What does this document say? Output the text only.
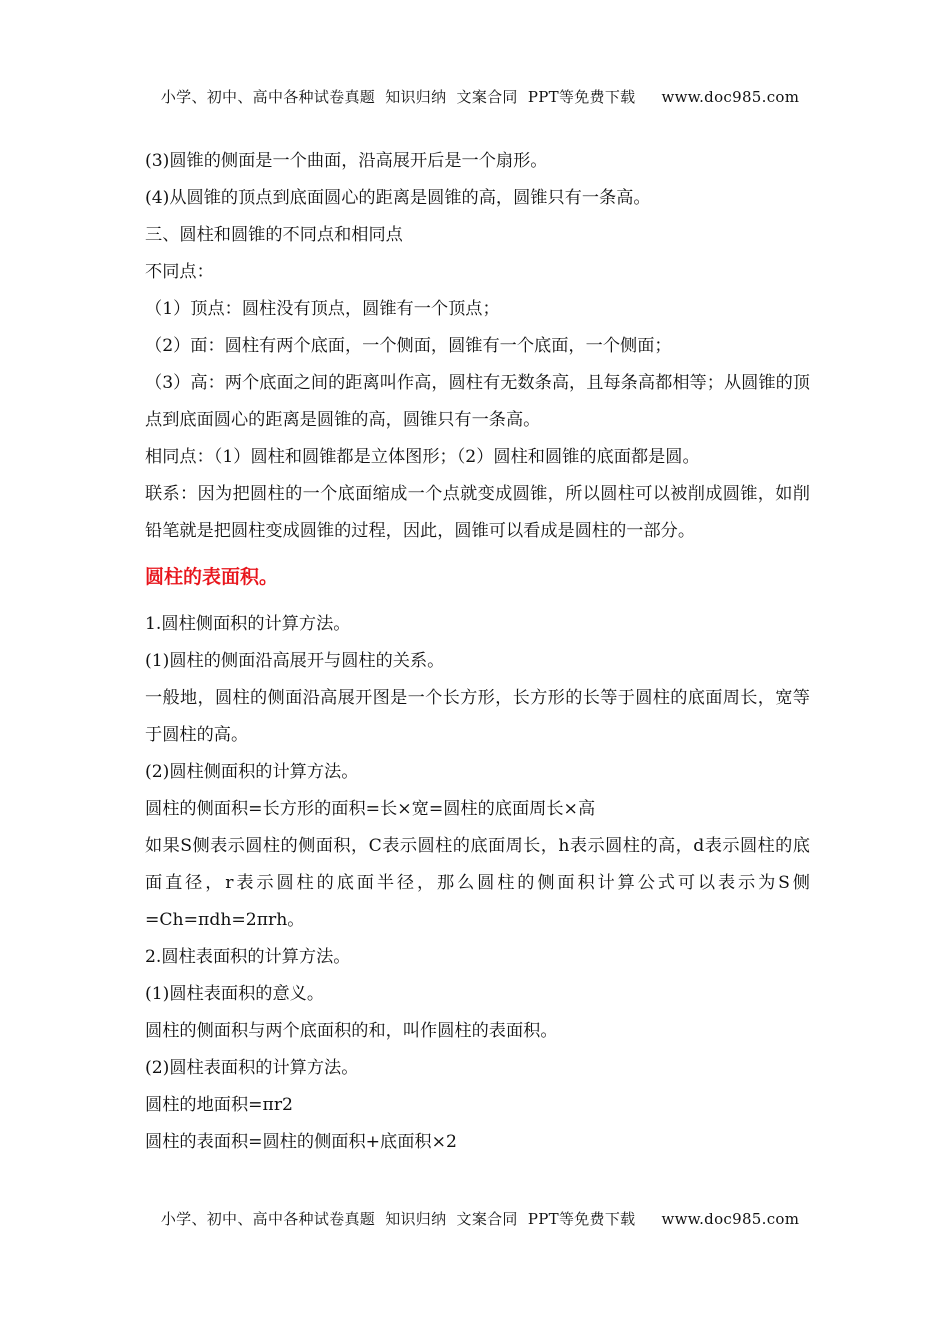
小学、初中、高中各种试卷真题  知识归纳  文案合同  PPT等免费下载 www.doc985.com

(3)圆锥的侧面是一个曲面，沿高展开后是一个扇形。
(4)从圆锥的顶点到底面圆心的距离是圆锥的高，圆锥只有一条高。
三、圆柱和圆锥的不同点和相同点
不同点：
（1）顶点：圆柱没有顶点，圆锥有一个顶点；
（2）面：圆柱有两个底面，一个侧面，圆锥有一个底面，一个侧面；
（3）高：两个底面之间的距离叫作高，圆柱有无数条高，且每条高都相等；从圆锥的顶点到底面圆心的距离是圆锥的高，圆锥只有一条高。
相同点：（1）圆柱和圆锥都是立体图形；（2）圆柱和圆锥的底面都是圆。
联系：因为把圆柱的一个底面缩成一个点就变成圆锥，所以圆柱可以被削成圆锥，如削铅笔就是把圆柱变成圆锥的过程，因此，圆锥可以看成是圆柱的一部分。
圆柱的表面积。
1.圆柱侧面积的计算方法。
(1)圆柱的侧面沿高展开与圆柱的关系。
一般地，圆柱的侧面沿高展开图是一个长方形，长方形的长等于圆柱的底面周长，宽等于圆柱的高。
(2)圆柱侧面积的计算方法。
圆柱的侧面积=长方形的面积=长×宽=圆柱的底面周长×高
如果S侧表示圆柱的侧面积，C表示圆柱的底面周长，h表示圆柱的高，d表示圆柱的底面直径，r表示圆柱的底面半径，那么圆柱的侧面积计算公式可以表示为S侧=Ch=πdh=2πrh。
2.圆柱表面积的计算方法。
(1)圆柱表面积的意义。
圆柱的侧面积与两个底面积的和，叫作圆柱的表面积。
(2)圆柱表面积的计算方法。
圆柱的地面积=πr2
圆柱的表面积=圆柱的侧面积+底面积×2

小学、初中、高中各种试卷真题  知识归纳  文案合同  PPT等免费下载 www.doc985.com
